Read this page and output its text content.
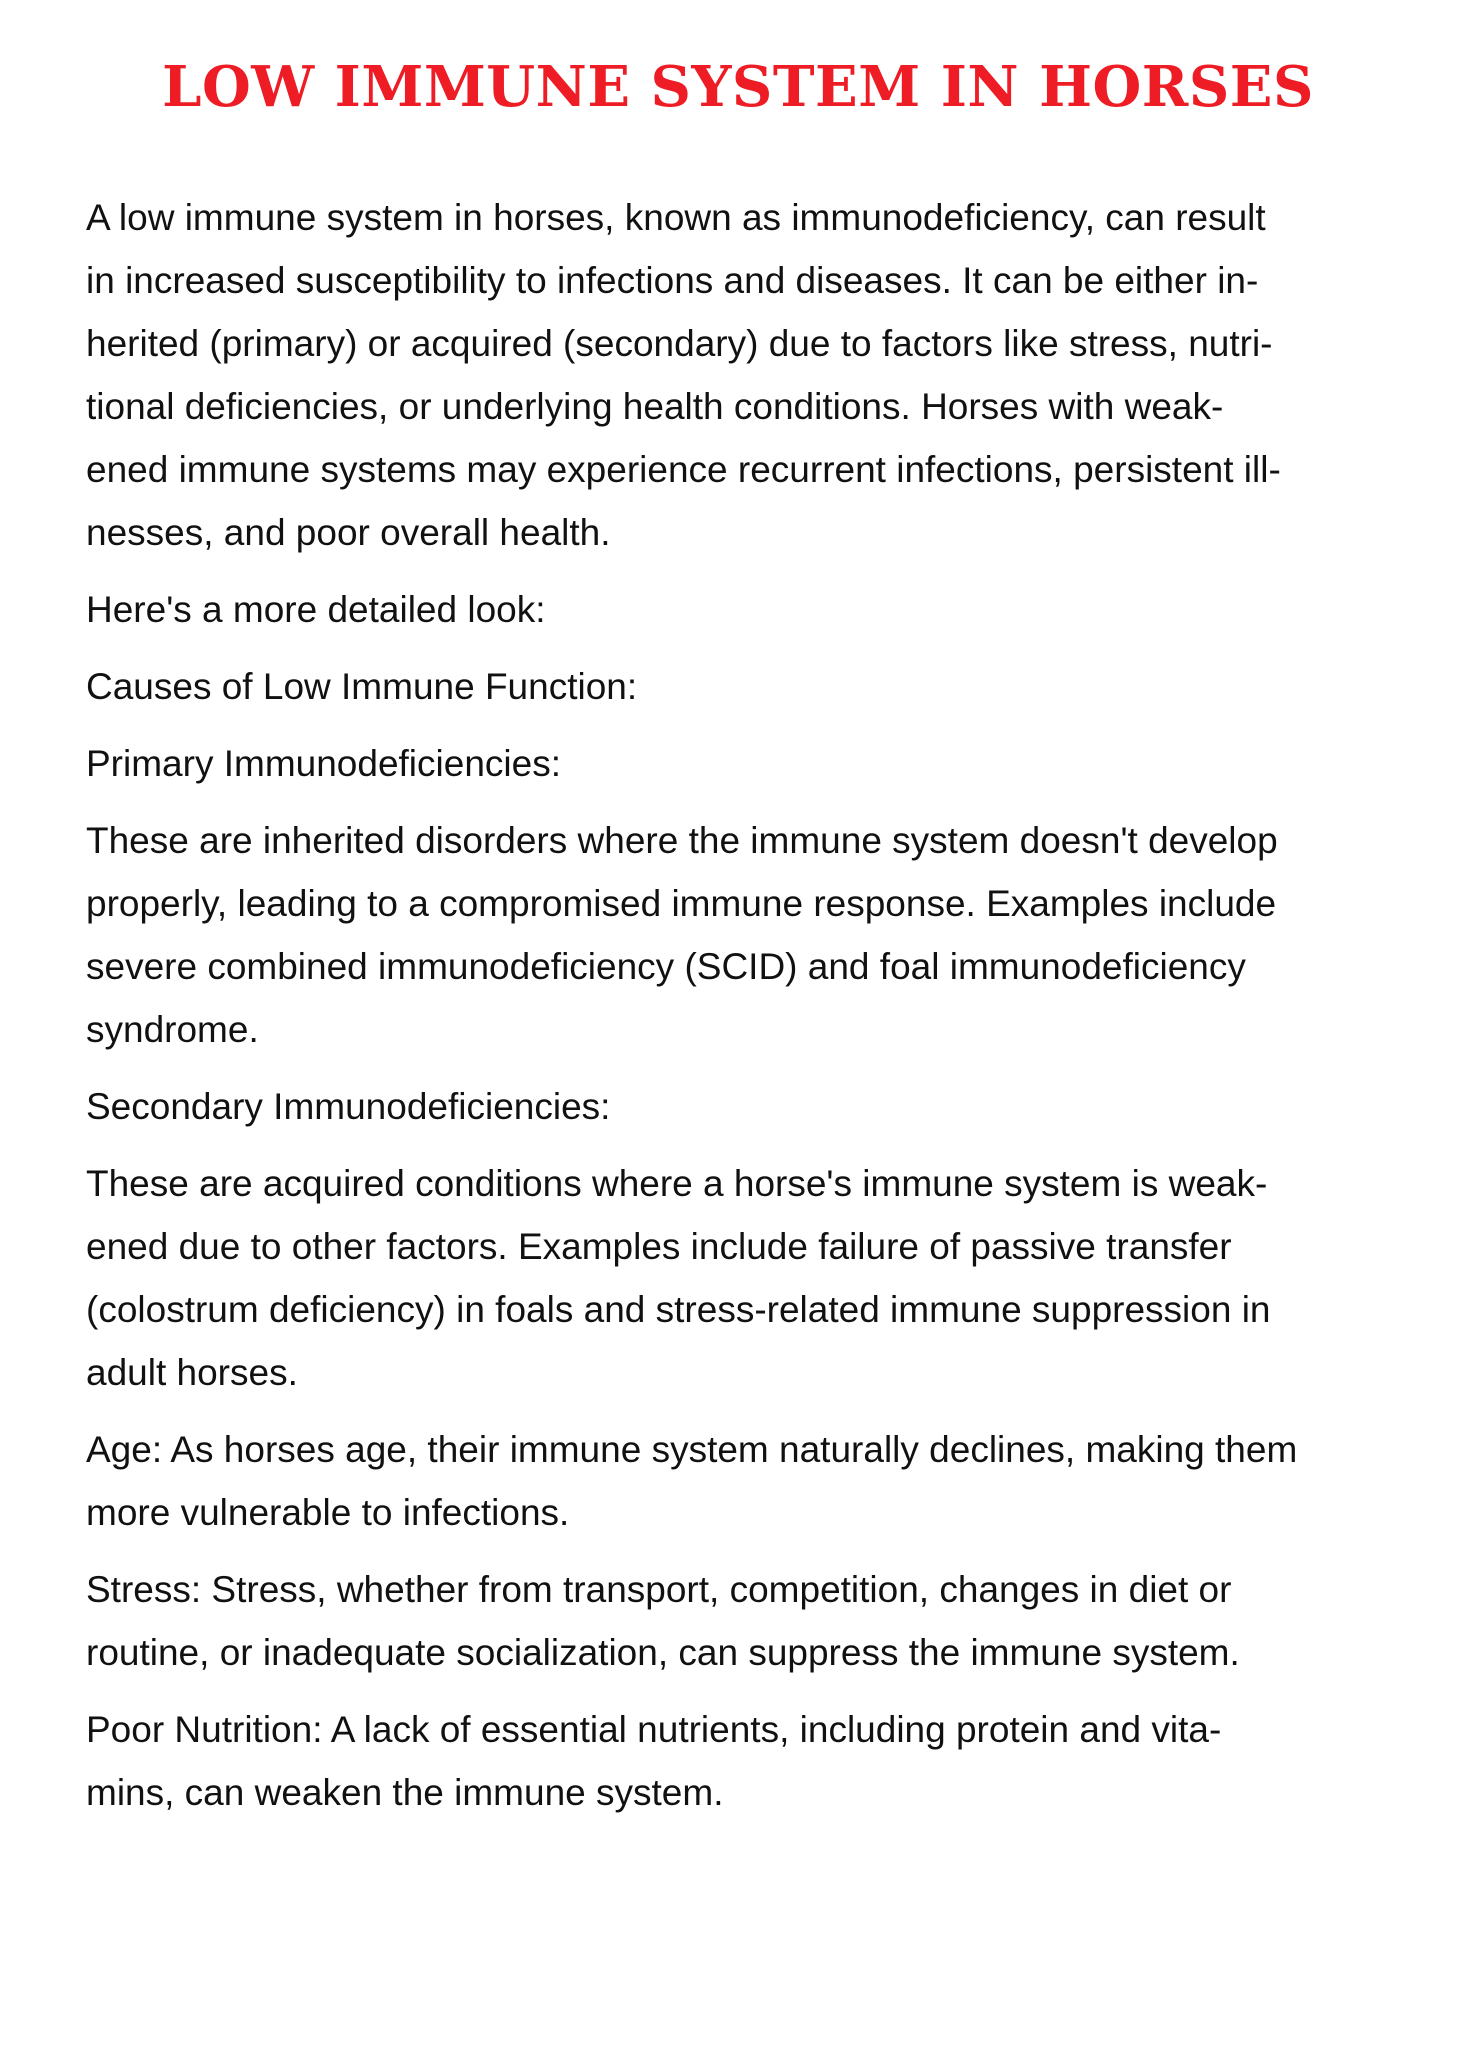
LOW IMMUNE SYSTEM IN HORSES

A low immune system in horses, known as immunodeficiency, can result
in increased susceptibility to infections and diseases. It can be either in-
herited (primary) or acquired (secondary) due to factors like stress, nutri-
tional deficiencies, or underlying health conditions. Horses with weak-
ened immune systems may experience recurrent infections, persistent ill-
nesses, and poor overall health.

Here's a more detailed look:

Causes of Low Immune Function:

Primary Immunodeficiencies:

These are inherited disorders where the immune system doesn't develop
properly, leading to a compromised immune response. Examples include
severe combined immunodeficiency (SCID) and foal immunodeficiency
syndrome.

Secondary Immunodeficiencies:

These are acquired conditions where a horse's immune system is weak-
ened due to other factors. Examples include failure of passive transfer
(colostrum deficiency) in foals and stress-related immune suppression in
adult horses.

Age: As horses age, their immune system naturally declines, making them
more vulnerable to infections.

Stress: Stress, whether from transport, competition, changes in diet or
routine, or inadequate socialization, can suppress the immune system.

Poor Nutrition: A lack of essential nutrients, including protein and vita-
mins, can weaken the immune system.
